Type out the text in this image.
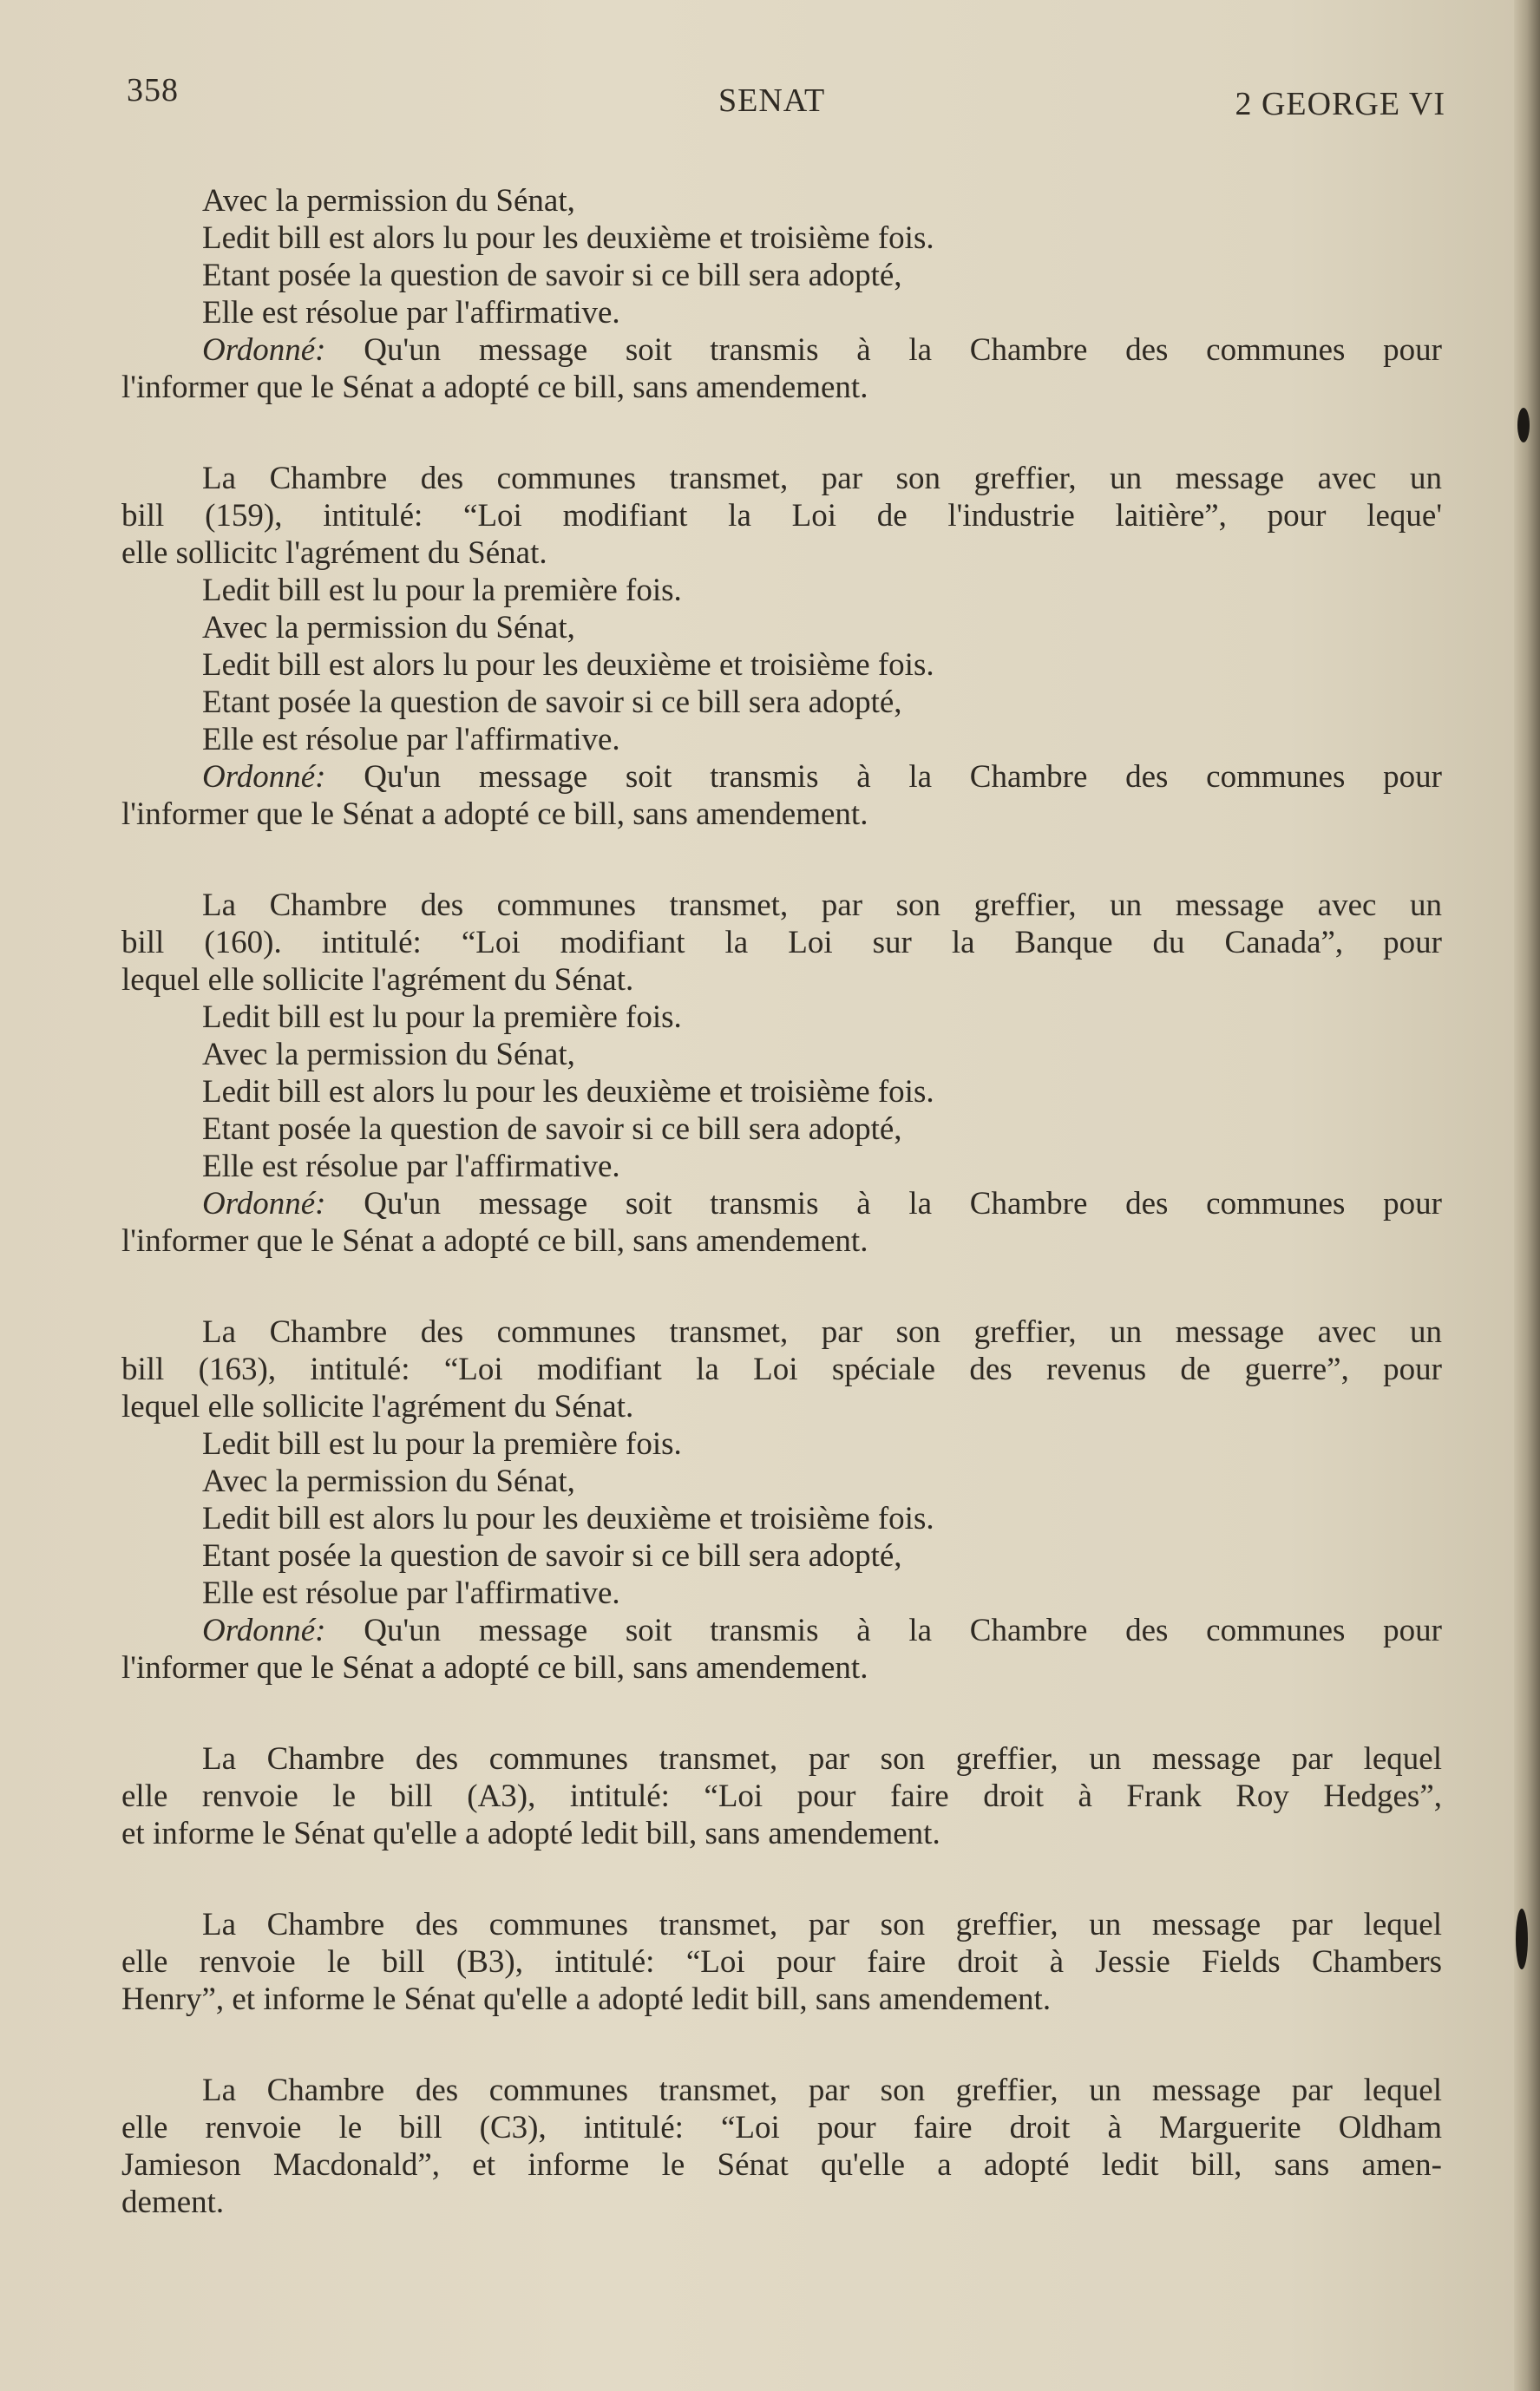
358	SENAT	2 GEORGE VI
Avec la permission du Sénat,
Ledit bill est alors lu pour les deuxième et troisième fois.
Etant posée la question de savoir si ce bill sera adopté,
Elle est résolue par l'affirmative.
Ordonné: Qu'un message soit transmis à la Chambre des communes pour
l'informer que le Sénat a adopté ce bill, sans amendement.
La Chambre des communes transmet, par son greffier, un message avec un
bill (159), intitulé: “Loi modifiant la Loi de l'industrie laitière”, pour leque'
elle sollicitc l'agrément du Sénat.
Ledit bill est lu pour la première fois.
Avec la permission du Sénat,
Ledit bill est alors lu pour les deuxième et troisième fois.
Etant posée la question de savoir si ce bill sera adopté,
Elle est résolue par l'affirmative.
Ordonné: Qu'un message soit transmis à la Chambre des communes pour
l'informer que le Sénat a adopté ce bill, sans amendement.
La Chambre des communes transmet, par son greffier, un message avec un
bill (160). intitulé: “Loi modifiant la Loi sur la Banque du Canada”, pour
lequel elle sollicite l'agrément du Sénat.
Ledit bill est lu pour la première fois.
Avec la permission du Sénat,
Ledit bill est alors lu pour les deuxième et troisième fois.
Etant posée la question de savoir si ce bill sera adopté,
Elle est résolue par l'affirmative.
Ordonné: Qu'un message soit transmis à la Chambre des communes pour
l'informer que le Sénat a adopté ce bill, sans amendement.
La Chambre des communes transmet, par son greffier, un message avec un
bill (163), intitulé: “Loi modifiant la Loi spéciale des revenus de guerre”, pour
lequel elle sollicite l'agrément du Sénat.
Ledit bill est lu pour la première fois.
Avec la permission du Sénat,
Ledit bill est alors lu pour les deuxième et troisième fois.
Etant posée la question de savoir si ce bill sera adopté,
Elle est résolue par l'affirmative.
Ordonné: Qu'un message soit transmis à la Chambre des communes pour
l'informer que le Sénat a adopté ce bill, sans amendement.
La Chambre des communes transmet, par son greffier, un message par lequel
elle renvoie le bill (A3), intitulé: “Loi pour faire droit à Frank Roy Hedges”,
et informe le Sénat qu'elle a adopté ledit bill, sans amendement.
La Chambre des communes transmet, par son greffier, un message par lequel
elle renvoie le bill (B3), intitulé: “Loi pour faire droit à Jessie Fields Chambers
Henry”, et informe le Sénat qu'elle a adopté ledit bill, sans amendement.
La Chambre des communes transmet, par son greffier, un message par lequel
elle renvoie le bill (C3), intitulé: “Loi pour faire droit à Marguerite Oldham
Jamieson Macdonald”, et informe le Sénat qu'elle a adopté ledit bill, sans amen-
dement.
